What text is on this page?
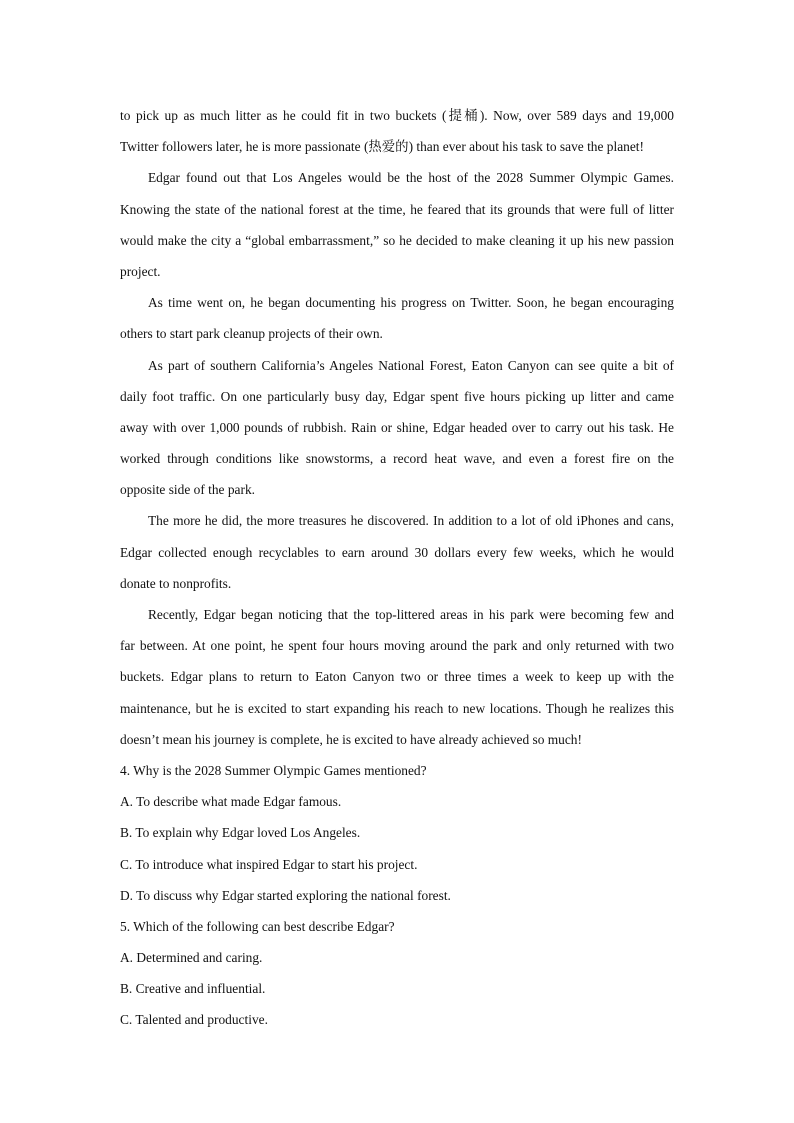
to pick up as much litter as he could fit in two buckets (提桶). Now, over 589 days and 19,000

Twitter followers later, he is more passionate (热爱的) than ever about his task to save the planet!

Edgar found out that Los Angeles would be the host of the 2028 Summer Olympic Games.

Knowing the state of the national forest at the time, he feared that its grounds that were full of litter

would make the city a “global embarrassment,” so he decided to make cleaning it up his new passion

project.

As time went on, he began documenting his progress on Twitter. Soon, he began encouraging

others to start park cleanup projects of their own.

As part of southern California’s Angeles National Forest, Eaton Canyon can see quite a bit of

daily foot traffic. On one particularly busy day, Edgar spent five hours picking up litter and came

away with over 1,000 pounds of rubbish. Rain or shine, Edgar headed over to carry out his task. He

worked through conditions like snowstorms, a record heat wave, and even a forest fire on the

opposite side of the park.

The more he did, the more treasures he discovered. In addition to a lot of old iPhones and cans,

Edgar collected enough recyclables to earn around 30 dollars every few weeks, which he would

donate to nonprofits.

Recently, Edgar began noticing that the top-littered areas in his park were becoming few and

far between. At one point, he spent four hours moving around the park and only returned with two

buckets. Edgar plans to return to Eaton Canyon two or three times a week to keep up with the

maintenance, but he is excited to start expanding his reach to new locations. Though he realizes this

doesn’t mean his journey is complete, he is excited to have already achieved so much!

4. Why is the 2028 Summer Olympic Games mentioned?

A. To describe what made Edgar famous.

B. To explain why Edgar loved Los Angeles.

C. To introduce what inspired Edgar to start his project.

D. To discuss why Edgar started exploring the national forest.

5. Which of the following can best describe Edgar?

A. Determined and caring.

B. Creative and influential.

C. Talented and productive.
